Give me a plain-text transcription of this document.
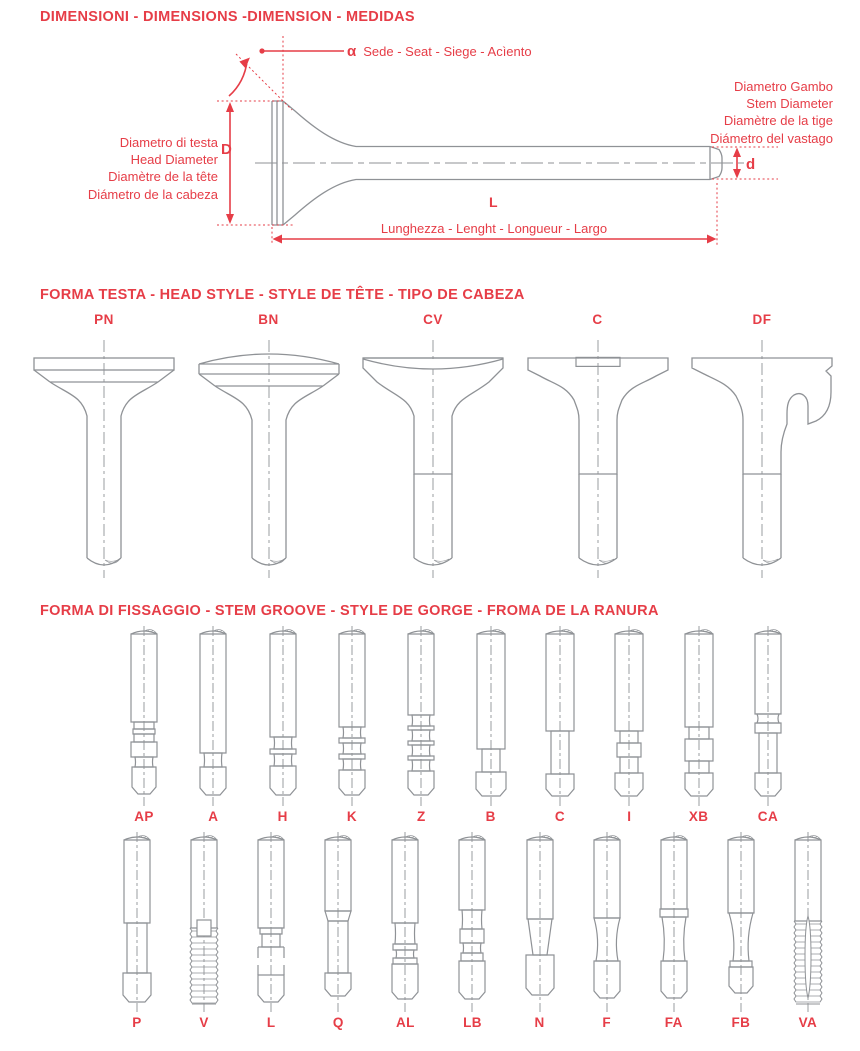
DIMENSIONI - DIMENSIONS -DIMENSION - MEDIDAS
α Sede - Seat - Siege - Acìento
Diametro di testa
Head Diameter
Diamètre de la tête
Diámetro de la cabeza
Diametro Gambo
Stem Diameter
Diamètre de la tige
Diámetro del vastago
D
d
L
Lunghezza - Lenght - Longueur - Largo
FORMA TESTA - HEAD STYLE - STYLE DE TÊTE - TIPO DE CABEZA
PN	BN	CV	C	DF
FORMA DI FISSAGGIO - STEM GROOVE - STYLE DE GORGE - FROMA DE LA RANURA
AP	A	H	K	Z	B	C	I	XB	CA
P	V	L	Q	AL	LB	N	F	FA	FB	VA
